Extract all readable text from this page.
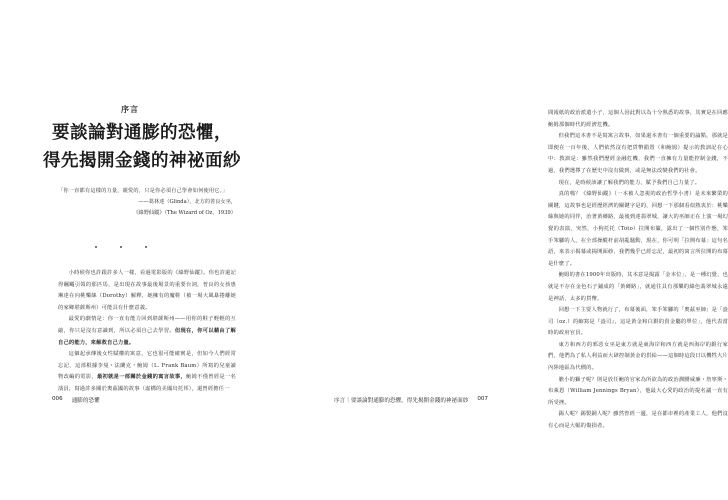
序言
要談論對通膨的恐懼，
得先揭開金錢的神祕面紗
「你一直都有這樣的力量，親愛的，只是你必須自己學會如何使用它。」
——葛林達（Glinda），北方的善良女巫，
《綠野仙蹤》（The Wizard of Oz，1939）
小時候你也許跟許多人一樣，看過電影版的《綠野仙蹤》。你也許還記得飆颺引領的那匹馬，是出現在故事最後場景的重要台詞，普良的女孩惠琳達在向桃樂絲（Dorothy）解釋，她擁有的魔鞋（被一場大風暴捲離她的家鄉堪薩斯州）可能具有什麼意義。
最愛的劇情是：你一直有能力回到堪薩斯州——用你的鞋子輕輕的互敲，你只是沒有意識到，所以必須自己去學習。但現在，你可以藉由了解自己的能力，來解救自己力量。
這個起承傳後女性賦權的寓意，它也很可能確實是，但如今人們經常忘記，這部根據李曼・法蘭克・鮑姆（L. Frank Baum）所寫的兒童讀物改編的電影，最初就是一部關於金錢的寓言故事，鮑姆不僅曾經是一名演員，寫過許多關於奧茲國的故事（虛構的美國烏托邦），還曾經擔任一
006 通膨的恐懼
間報紙的政治派遣小子，這個人因此對以為十分熟悉的故事，其實是在回應鮑姆那個時代的經濟危機。
但我們這本書不是寫寓言故事，如果還本書有一個重要的論點，那就是即便在一百年後，人們依然沒有把貨幣錯置（和鮑姆）提示的教訓記在心中：教訓是：雖然我們歷經金融危機，我們一直擁有力量能控制金錢，不過，我們選擇了在歷史中沒有做到，或是無法改變我們的社會。
現在，是時候該讓了解我們的能力，賦予我們自己力量了。
真的嗎？《綠野仙蹤》（一本被人忽視的政治哲學小書）是未來繁榮的關鍵，這故事也是經歷經濟的關鍵字是的，回想一下那個看似熱衷於：桃樂絲與她的同伴，治著黃磚路，最後到達翡翠城，讓大的巫師正在上演一場幻覺的表演，突然，小狗托托（Toto）拉開布簾，露出了一個性別作態，笨手笨腳的人，在全部操縱杆前胡亂騷動，現在，你可明「拉開布幕」這句名語，來表示揭幕或揭開面紗，我們幾乎已經忘記，最初的寓言所拉開的布幕是什麼了。
鮑姆的書在1900年出版時，其本意是揭露「金本位」，是一種幻覺，也就是不存在金色石子鋪成的「黃磚路」，就通往具有那樂的綠色翡翠城永遠是神話，太多的貨幣。
回想一下主要人物就行了，布幕後面，笨手笨腳的「奧茲巫師」是「盎司（oz.）的縮寫是『盎司』，這是黃金和白銀的貴金屬的單位」，他代表當時的政府官員。
東方和西方的邪惡女巫是東方就是東海岸和西方就是西海岸的銀行家們，他們為了私人利益而大肆控制黃金的供給——這個時這段日以機牲大片內陸地區為代價的。
膽小的獅子呢？則是放任鮑的官家為所欲為的政治潤腰威廉・詹寧斯・布萊恩（William Jennings Bryan），他最大心愛的政治的提名議一直有所受挫。
錫人呢？錫製銅人呢？雖然曾經一邊，是在都市裡的產業工人，他們沒有心而是大幅的傷損者。
序言｜要談論對通膨的恐懼，得先揭開金錢的神祕面紗 007
